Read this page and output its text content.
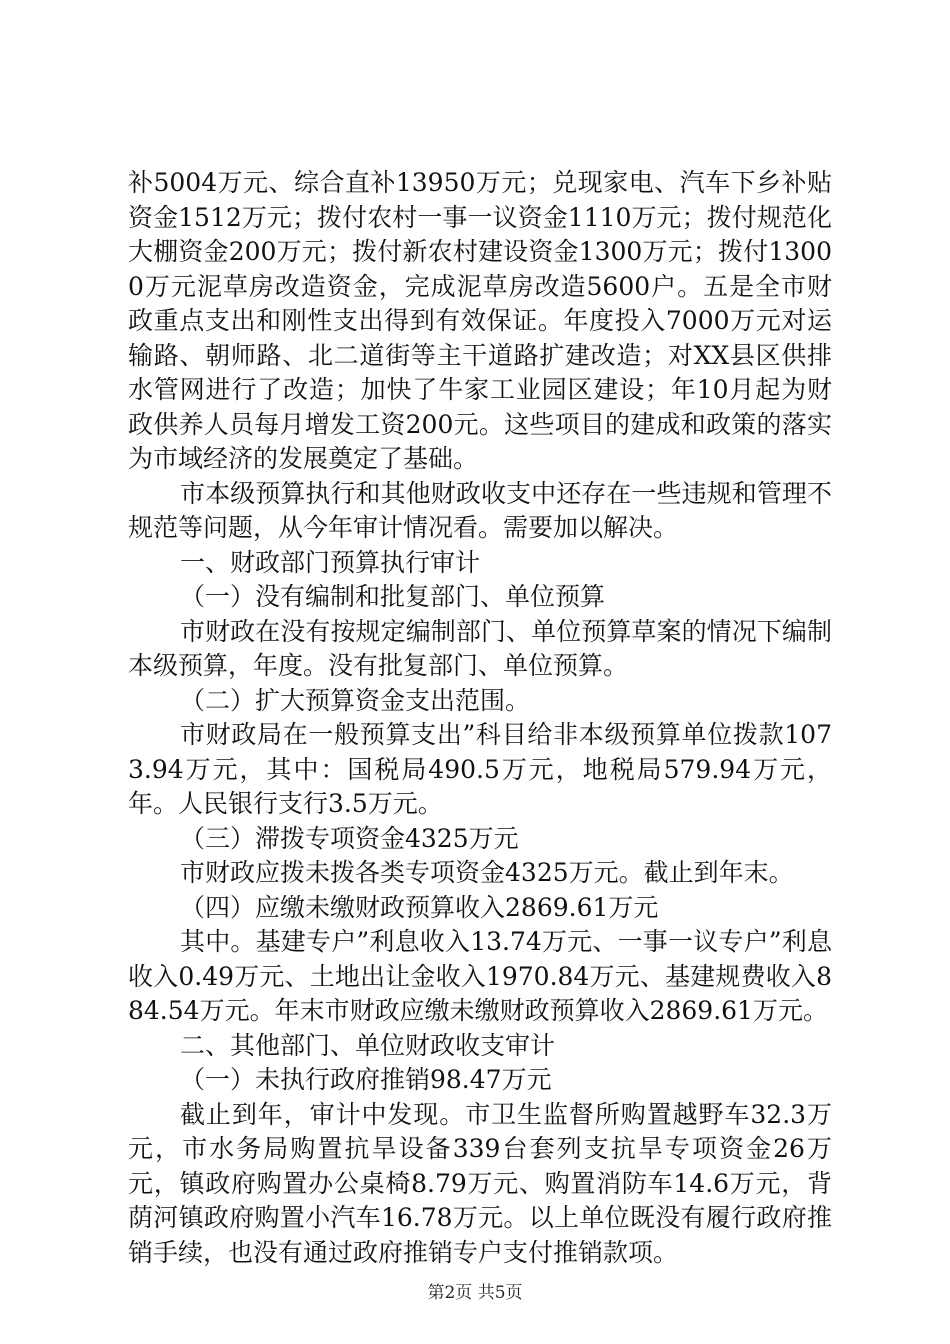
补5004万元、综合直补13950万元；兑现家电、汽车下乡补贴资金1512万元；拨付农村一事一议资金1110万元；拨付规范化大棚资金200万元；拨付新农村建设资金1300万元；拨付13000万元泥草房改造资金，完成泥草房改造5600户。五是全市财政重点支出和刚性支出得到有效保证。年度投入7000万元对运输路、朝师路、北二道街等主干道路扩建改造；对XX县区供排水管网进行了改造；加快了牛家工业园区建设；年10月起为财政供养人员每月增发工资200元。这些项目的建成和政策的落实为市域经济的发展奠定了基础。

市本级预算执行和其他财政收支中还存在一些违规和管理不规范等问题，从今年审计情况看。需要加以解决。

一、财政部门预算执行审计

（一）没有编制和批复部门、单位预算

市财政在没有按规定编制部门、单位预算草案的情况下编制本级预算，年度。没有批复部门、单位预算。

（二）扩大预算资金支出范围。

市财政局在一般预算支出”科目给非本级预算单位拨款1073.94万元，其中：国税局490.5万元，地税局579.94万元，年。人民银行支行3.5万元。

（三）滞拨专项资金4325万元

市财政应拨未拨各类专项资金4325万元。截止到年末。

（四）应缴未缴财政预算收入2869.61万元

其中。基建专户”利息收入13.74万元、一事一议专户”利息收入0.49万元、土地出让金收入1970.84万元、基建规费收入884.54万元。年末市财政应缴未缴财政预算收入2869.61万元。

二、其他部门、单位财政收支审计

（一）未执行政府推销98.47万元

截止到年，审计中发现。市卫生监督所购置越野车32.3万元，市水务局购置抗旱设备339台套列支抗旱专项资金26万元，镇政府购置办公桌椅8.79万元、购置消防车14.6万元，背荫河镇政府购置小汽车16.78万元。以上单位既没有履行政府推销手续，也没有通过政府推销专户支付推销款项。

第2页 共5页
